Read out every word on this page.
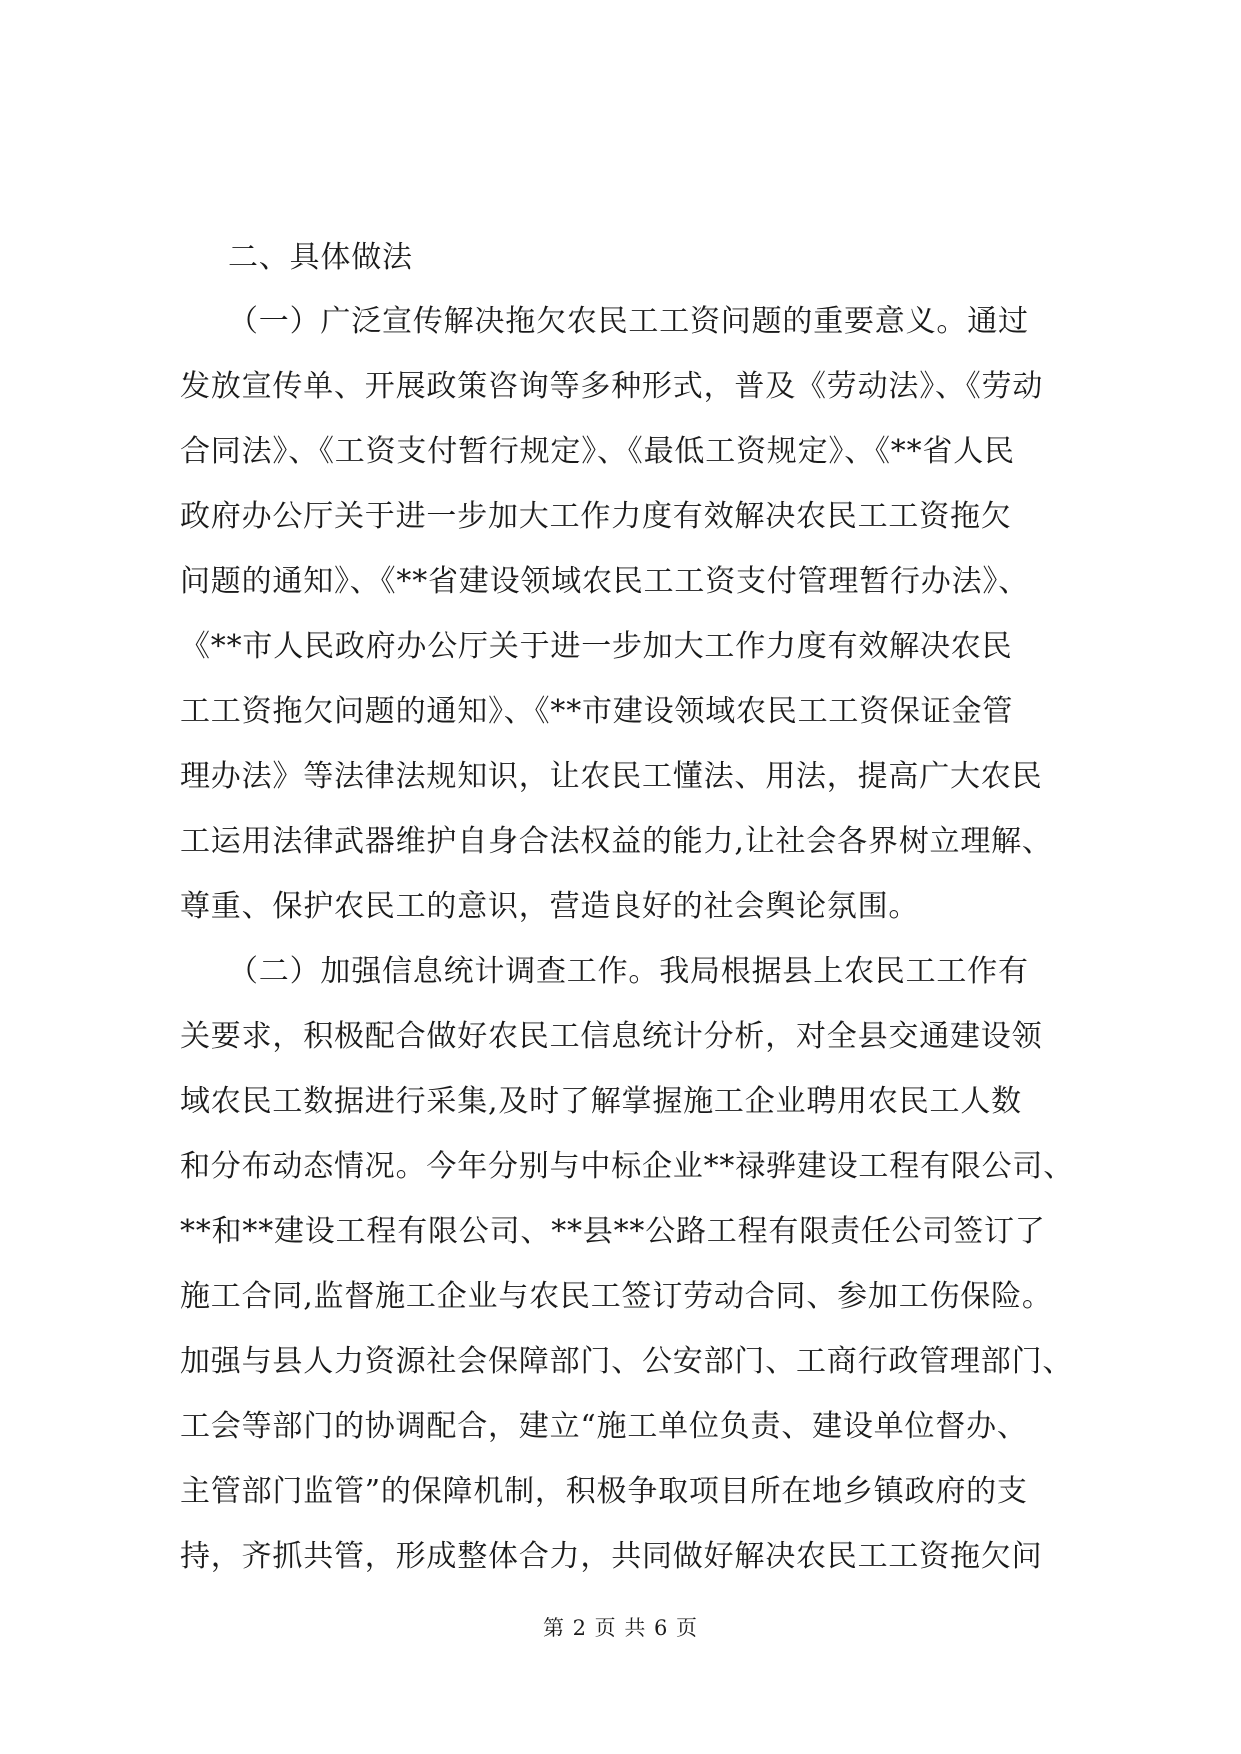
二、具体做法
（一）广泛宣传解决拖欠农民工工资问题的重要意义。通过
发放宣传单、开展政策咨询等多种形式，普及《劳动法》、《劳动
合同法》、《工资支付暂行规定》、《最低工资规定》、《**省人民
政府办公厅关于进一步加大工作力度有效解决农民工工资拖欠
问题的通知》、《**省建设领域农民工工资支付管理暂行办法》、
《**市人民政府办公厅关于进一步加大工作力度有效解决农民
工工资拖欠问题的通知》、《**市建设领域农民工工资保证金管
理办法》等法律法规知识，让农民工懂法、用法，提高广大农民
工运用法律武器维护自身合法权益的能力,让社会各界树立理解、
尊重、保护农民工的意识，营造良好的社会舆论氛围。
（二）加强信息统计调查工作。我局根据县上农民工工作有
关要求，积极配合做好农民工信息统计分析，对全县交通建设领
域农民工数据进行采集,及时了解掌握施工企业聘用农民工人数
和分布动态情况。今年分别与中标企业**禄骅建设工程有限公司、
**和**建设工程有限公司、**县**公路工程有限责任公司签订了
施工合同,监督施工企业与农民工签订劳动合同、参加工伤保险。
加强与县人力资源社会保障部门、公安部门、工商行政管理部门、
工会等部门的协调配合，建立“施工单位负责、建设单位督办、
主管部门监管”的保障机制，积极争取项目所在地乡镇政府的支
持，齐抓共管，形成整体合力，共同做好解决农民工工资拖欠问
第 2 页 共 6 页
